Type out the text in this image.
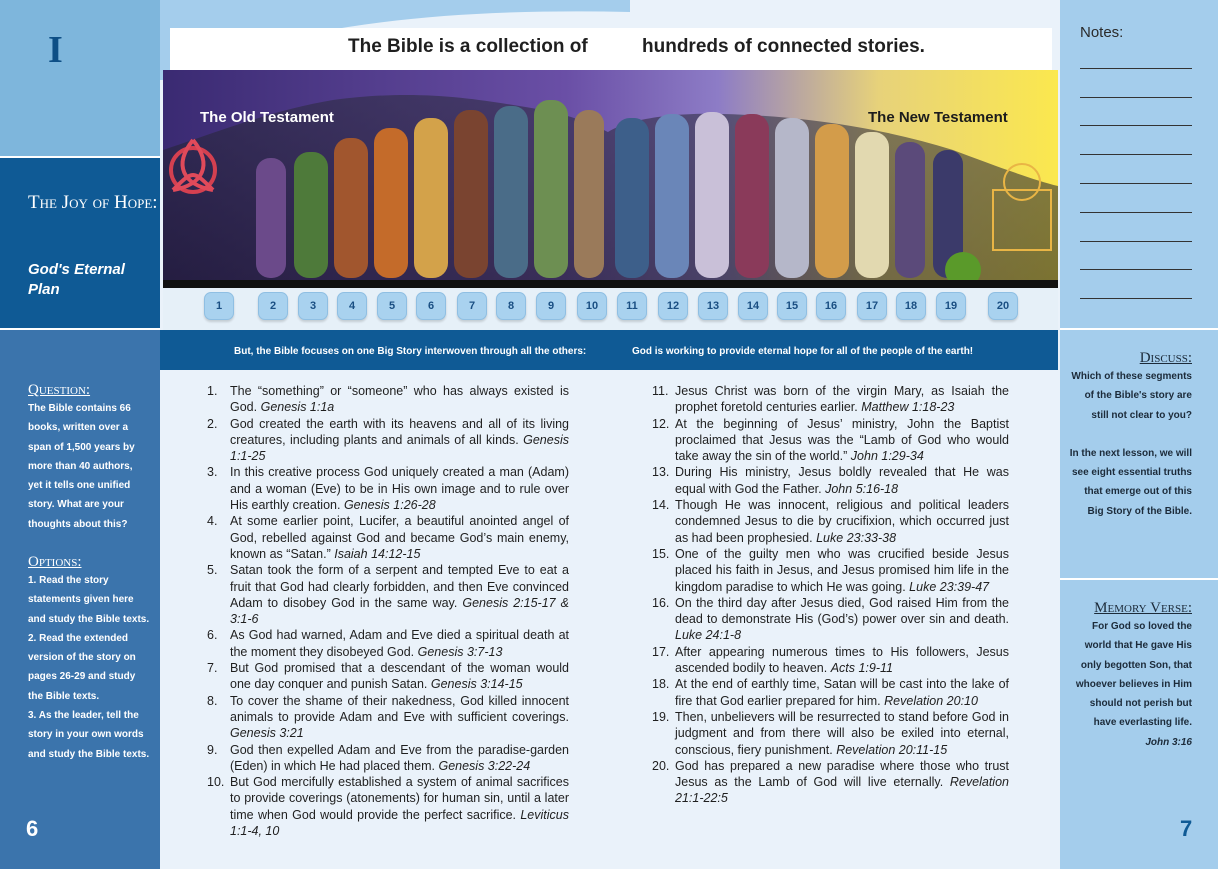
I
The Joy of Hope:
God's Eternal Plan
Question:
The Bible contains 66 books, written over a span of 1,500 years by more than 40 authors, yet it tells one unified story. What are your thoughts about this?
Options:
1. Read the story statements given here and study the Bible texts.
2. Read the extended version of the story on pages 26-29 and study the Bible texts.
3. As the leader, tell the story in your own words and study the Bible texts.
6
Notes:
Discuss:
Which of these segments of the Bible's story are still not clear to you?
In the next lesson, we will see eight essential truths that emerge out of this Big Story of the Bible.
Memory Verse:
For God so loved the world that He gave His only begotten Son, that whoever believes in Him should not perish but have everlasting life.
John 3:16
7
The Bible is a collection of	hundreds of connected stories.
The Old Testament	The New Testament
1	2	3	4	5	6	7	8	9	10	11	12	13	14	15	16	17	18	19	20
But, the Bible focuses on one Big Story interwoven through all the others:	God is working to provide eternal hope for all of the people of the earth!
1. The “something” or “someone” who has always existed is God. Genesis 1:1a
2. God created the earth with its heavens and all of its living creatures, including plants and animals of all kinds. Genesis 1:1-25
3. In this creative process God uniquely created a man (Adam) and a woman (Eve) to be in His own image and to rule over His earthly creation. Genesis 1:26-28
4. At some earlier point, Lucifer, a beautiful anointed angel of God, rebelled against God and became God’s main enemy, known as “Satan.” Isaiah 14:12-15
5. Satan took the form of a serpent and tempted Eve to eat a fruit that God had clearly forbidden, and then Eve convinced Adam to disobey God in the same way. Genesis 2:15-17 & 3:1-6
6. As God had warned, Adam and Eve died a spiritual death at the moment they disobeyed God. Genesis 3:7-13
7. But God promised that a descendant of the woman would one day conquer and punish Satan. Genesis 3:14-15
8. To cover the shame of their nakedness, God killed innocent animals to provide Adam and Eve with sufficient coverings. Genesis 3:21
9. God then expelled Adam and Eve from the paradise-garden (Eden) in which He had placed them. Genesis 3:22-24
10. But God mercifully established a system of animal sacrifices to provide coverings (atonements) for human sin, until a later time when God would provide the perfect sacrifice. Leviticus 1:1-4, 10
11. Jesus Christ was born of the virgin Mary, as Isaiah the prophet foretold centuries earlier. Matthew 1:18-23
12. At the beginning of Jesus’ ministry, John the Baptist proclaimed that Jesus was the “Lamb of God who would take away the sin of the world.” John 1:29-34
13. During His ministry, Jesus boldly revealed that He was equal with God the Father. John 5:16-18
14. Though He was innocent, religious and political leaders condemned Jesus to die by crucifixion, which occurred just as had been prophesied. Luke 23:33-38
15. One of the guilty men who was crucified beside Jesus placed his faith in Jesus, and Jesus promised him life in the kingdom paradise to which He was going. Luke 23:39-47
16. On the third day after Jesus died, God raised Him from the dead to demonstrate His (God’s) power over sin and death. Luke 24:1-8
17. After appearing numerous times to His followers, Jesus ascended bodily to heaven. Acts 1:9-11
18. At the end of earthly time, Satan will be cast into the lake of fire that God earlier prepared for him. Revelation 20:10
19. Then, unbelievers will be resurrected to stand before God in judgment and from there will also be exiled into eternal, conscious, fiery punishment. Revelation 20:11-15
20. God has prepared a new paradise where those who trust Jesus as the Lamb of God will live eternally. Revelation 21:1-22:5
